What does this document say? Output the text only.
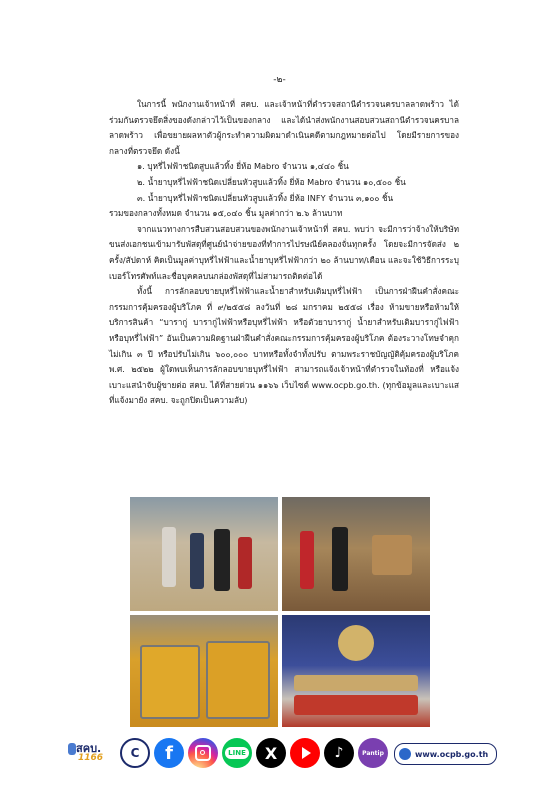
-๒-

ในการนี้ พนักงานเจ้าหน้าที่ สคบ. และเจ้าหน้าที่ตำรวจสถานีตำรวจนครบาลลาดพร้าว ได้ร่วมกันตรวจยึดสิ่งของดังกล่าวไว้เป็นของกลาง และได้นำส่งพนักงานสอบสวนสถานีตำรวจนครบาลลาดพร้าว เพื่อขยายผลหาตัวผู้กระทำความผิดมาดำเนินคดีตามกฎหมายต่อไป โดยมีรายการของกลางที่ตรวจยึด ดังนี้

๑. บุหรี่ไฟฟ้าชนิดสูบแล้วทิ้ง ยี่ห้อ Mabro จำนวน ๑,๔๔๐ ชิ้น

๒. น้ำยาบุหรี่ไฟฟ้าชนิดเปลี่ยนหัวสูบแล้วทิ้ง ยี่ห้อ Mabro จำนวน ๑๐,๕๐๐ ชิ้น

๓. น้ำยาบุหรี่ไฟฟ้าชนิดเปลี่ยนหัวสูบแล้วทิ้ง ยี่ห้อ INFY จำนวน ๓,๑๐๐ ชิ้น

รวมของกลางทั้งหมด จำนวน ๑๕,๐๔๐ ชิ้น มูลค่ากว่า ๒.๖ ล้านบาท

จากแนวทางการสืบสวนสอบสวนของพนักงานเจ้าหน้าที่ สคบ. พบว่า จะมีการว่าจ้างให้บริษัทขนส่งเอกชนเข้ามารับพัสดุที่ศูนย์นำจ่ายของที่ทำการไปรษณีย์คลองจั่นทุกครั้ง โดยจะมีการจัดส่ง ๒ ครั้ง/สัปดาห์ คิดเป็นมูลค่าบุหรี่ไฟฟ้าและน้ำยาบุหรี่ไฟฟ้ากว่า ๒๐ ล้านบาท/เดือน และจะใช้วิธีการระบุเบอร์โทรศัพท์และชื่อบุคคลบนกล่องพัสดุที่ไม่สามารถติดต่อได้

ทั้งนี้ การลักลอบขายบุหรี่ไฟฟ้าและน้ำยาสำหรับเติมบุหรี่ไฟฟ้า เป็นการฝ่าฝืนคำสั่งคณะกรรมการคุ้มครองผู้บริโภค ที่ ๙/๒๕๕๘ ลงวันที่ ๒๘ มกราคม ๒๕๕๘ เรื่อง ห้ามขายหรือห้ามให้บริการสินค้า “บารากู่ บารากู่ไฟฟ้าหรือบุหรี่ไฟฟ้า หรือตัวยาบารากู่ น้ำยาสำหรับเติมบารากู่ไฟฟ้าหรือบุหรี่ไฟฟ้า” อันเป็นความผิดฐานฝ่าฝืนคำสั่งคณะกรรมการคุ้มครองผู้บริโภค ต้องระวางโทษจำคุกไม่เกิน ๓ ปี หรือปรับไม่เกิน ๖๐๐,๐๐๐ บาทหรือทั้งจำทั้งปรับ ตามพระราชบัญญัติคุ้มครองผู้บริโภค พ.ศ. ๒๕๒๒ ผู้ใดพบเห็นการลักลอบขายบุหรี่ไฟฟ้า สามารถแจ้งเจ้าหน้าที่ตำรวจในท้องที่ หรือแจ้งเบาะแสนำจับผู้ขายต่อ สคบ. ได้ที่สายด่วน ๑๑๖๖ เว็บไซต์ www.ocpb.go.th. (ทุกข้อมูลและเบาะแสที่แจ้งมายัง สคบ. จะถูกปิดเป็นความลับ)

สคบ.
1166 C f	LINE X	♪	Pantip	www.ocpb.go.th
